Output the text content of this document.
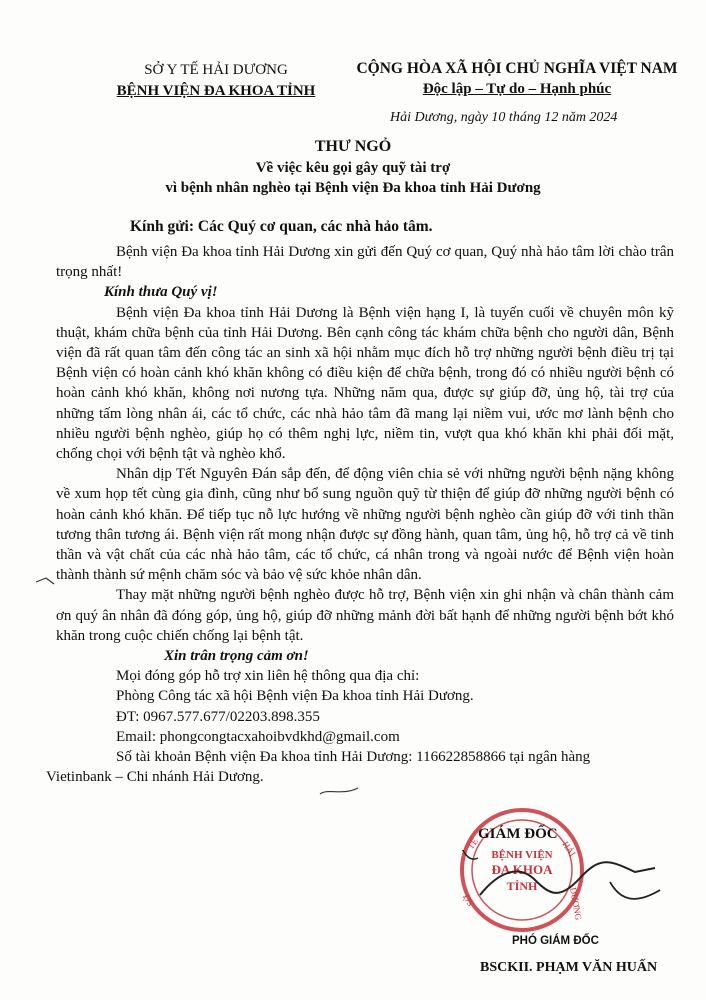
SỞ Y TẾ HẢI DƯƠNG
BỆNH VIỆN ĐA KHOA TỈNH
CỘNG HÒA XÃ HỘI CHỦ NGHĨA VIỆT NAM
Độc lập – Tự do – Hạnh phúc
Hải Dương, ngày 10 tháng 12 năm 2024
THƯ NGỎ
Về việc kêu gọi gây quỹ tài trợ
vì bệnh nhân nghèo tại Bệnh viện Đa khoa tỉnh Hải Dương
Kính gửi: Các Quý cơ quan, các nhà hảo tâm.

Bệnh viện Đa khoa tỉnh Hải Dương xin gửi đến Quý cơ quan, Quý nhà hảo tâm lời chào trân trọng nhất!

Kính thưa Quý vị!

Bệnh viện Đa khoa tỉnh Hải Dương là Bệnh viện hạng I, là tuyến cuối về chuyên môn kỹ thuật, khám chữa bệnh của tỉnh Hải Dương. Bên cạnh công tác khám chữa bệnh cho người dân, Bệnh viện đã rất quan tâm đến công tác an sinh xã hội nhằm mục đích hỗ trợ những người bệnh điều trị tại Bệnh viện có hoàn cảnh khó khăn không có điều kiện để chữa bệnh, trong đó có nhiều người bệnh có hoàn cảnh khó khăn, không nơi nương tựa. Những năm qua, được sự giúp đỡ, ủng hộ, tài trợ của những tấm lòng nhân ái, các tổ chức, các nhà hảo tâm đã mang lại niềm vui, ước mơ lành bệnh cho nhiều người bệnh nghèo, giúp họ có thêm nghị lực, niềm tin, vượt qua khó khăn khi phải đối mặt, chống chọi với bệnh tật và nghèo khổ.

Nhân dịp Tết Nguyên Đán sắp đến, để động viên chia sẻ với những người bệnh nặng không về xum họp tết cùng gia đình, cũng như bổ sung nguồn quỹ từ thiện để giúp đỡ những người bệnh có hoàn cảnh khó khăn. Để tiếp tục nỗ lực hướng về những người bệnh nghèo cần giúp đỡ với tinh thần tương thân tương ái. Bệnh viện rất mong nhận được sự đồng hành, quan tâm, ủng hộ, hỗ trợ cả về tinh thần và vật chất của các nhà hảo tâm, các tổ chức, cá nhân trong và ngoài nước để Bệnh viện hoàn thành thành sứ mệnh chăm sóc và bảo vệ sức khỏe nhân dân.

Thay mặt những người bệnh nghèo được hỗ trợ, Bệnh viện xin ghi nhận và chân thành cảm ơn quý ân nhân đã đóng góp, ủng hộ, giúp đỡ những mảnh đời bất hạnh để những người bệnh bớt khó khăn trong cuộc chiến chống lại bệnh tật.

Xin trân trọng cảm ơn!

Mọi đóng góp hỗ trợ xin liên hệ thông qua địa chỉ:

Phòng Công tác xã hội Bệnh viện Đa khoa tỉnh Hải Dương.

ĐT: 0967.577.677/02203.898.355

Email: phongcongtacxahoibvdkhd@gmail.com

Số tài khoản Bệnh viện Đa khoa tỉnh Hải Dương: 116622858866 tại ngân hàng

Vietinbank – Chi nhánh Hải Dương.

BỆNH VIỆN
ĐA KHOA
TỈNH
TẾ	HẢI
DƯƠNG
SỞ
GIÁM ĐỐC
PHÓ GIÁM ĐỐC
BSCKII. PHẠM VĂN HUẤN
